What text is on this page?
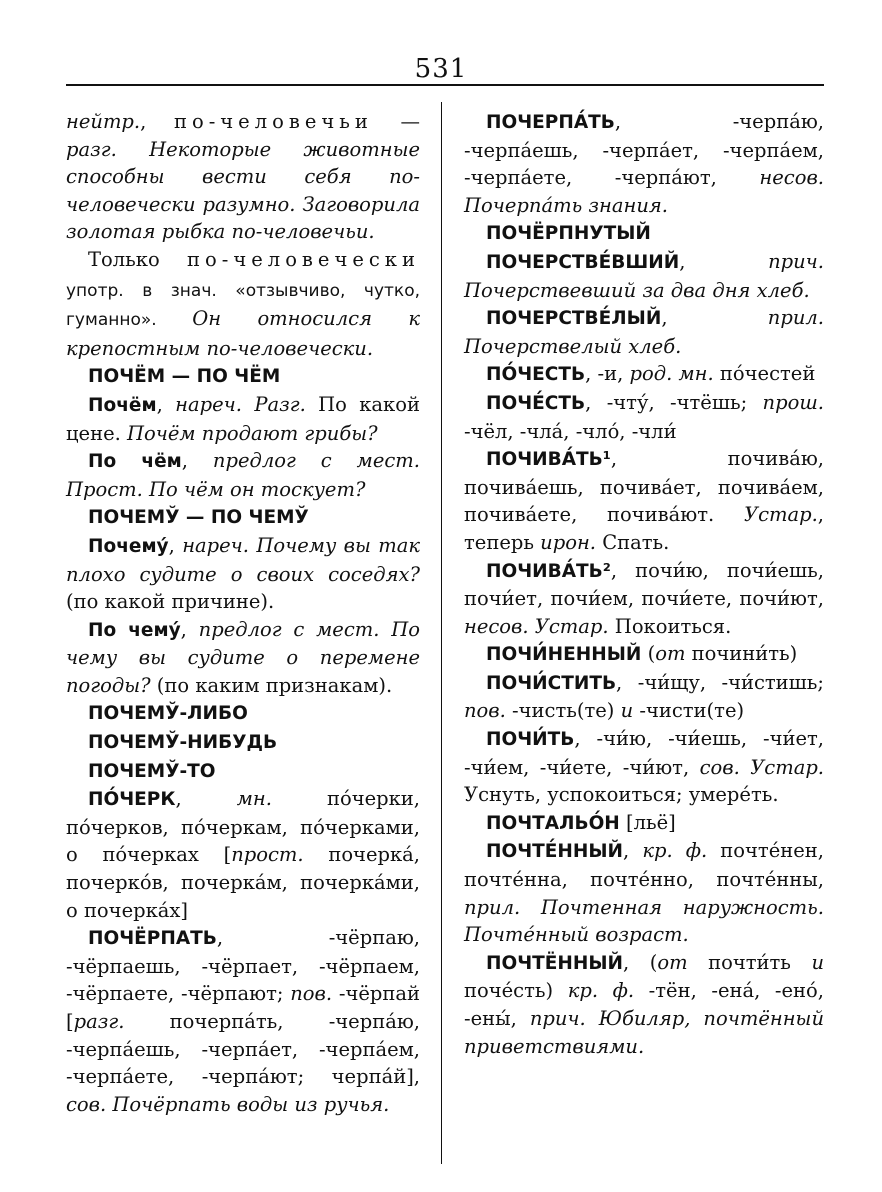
531

нейтр., по-человечьи — разг. Некоторые животные способны вести себя по-человечески разумно. Заговорила золотая рыбка по-человечьи.

Только по-человечески употр. в знач. «отзывчиво, чутко, гуманно». Он относился к крепостным по-человечески.

ПОЧЁМ — ПО ЧЁМ

Почём, нареч. Разг. По какой цене. Почём продают грибы?

По чём, предлог с мест. Прост. По чём он тоскует?

ПОЧЕМЎ — ПО ЧЕМЎ

Почемý, нареч. Почему вы так плохо судите о своих соседях? (по какой причине).

По чемý, предлог с мест. По чему вы судите о перемене погоды? (по каким признакам).

ПОЧЕМЎ-ЛИБО

ПОЧЕМЎ-НИБУДЬ

ПОЧЕМЎ-ТО

ПО́ЧЕРК, мн. по́черки, по́черков, по́черкам, по́черками, о по́черках [прост. почерка́, почерко́в, почерка́м, почерка́ми, о почерка́х]

ПОЧЁРПАТЬ, -чёрпаю, -чёрпаешь, -чёрпает, -чёрпаем, -чёрпаете, -чёрпают; пов. -чёрпай [разг. почерпа́ть, -черпа́ю, -черпа́ешь, -черпа́ет, -черпа́ем, -черпа́ете, -черпа́ют; черпа́й], сов. Почёрпать воды из ручья.

ПОЧЕРПА́ТЬ, -черпа́ю, -черпа́ешь, -черпа́ет, -черпа́ем, -черпа́ете, -черпа́ют, несов. Почерпа́ть знания.

ПОЧЁРПНУТЫЙ

ПОЧЕРСТВЕ́ВШИЙ, прич. Почерствевший за два дня хлеб.

ПОЧЕРСТВЕ́ЛЫЙ, прил. Почерствелый хлеб.

ПО́ЧЕСТЬ, -и, род. мн. по́честей

ПОЧЕ́СТЬ, -чту́, -чтёшь; прош. -чёл, -чла́, -чло́, -чли́

ПОЧИВА́ТЬ¹, почива́ю, почива́ешь, почива́ет, почива́ем, почива́ете, почива́ют. Устар., теперь ирон. Спать.

ПОЧИВА́ТЬ², почи́ю, почи́ешь, почи́ет, почи́ем, почи́ете, почи́ют, несов. Устар. Покоиться.

ПОЧИ́НЕННЫЙ (от почини́ть)

ПОЧИ́СТИТЬ, -чи́щу, -чи́стишь; пов. -чисть(те) и -чисти(те)

ПОЧИ́ТЬ, -чи́ю, -чи́ешь, -чи́ет, -чи́ем, -чи́ете, -чи́ют, сов. Устар. Уснуть, успокоиться; умере́ть.

ПОЧТАЛЬО́Н [льё]

ПОЧТЕ́ННЫЙ, кр. ф. почте́нен, почте́нна, почте́нно, почте́нны, прил. Почтенная наружность. Почте́нный возраст.

ПОЧТЁННЫЙ, (от почти́ть и поче́сть) кр. ф. -тён, -ена́, -ено́, -ены́, прич. Юбиляр, почтённый приветствиями.
